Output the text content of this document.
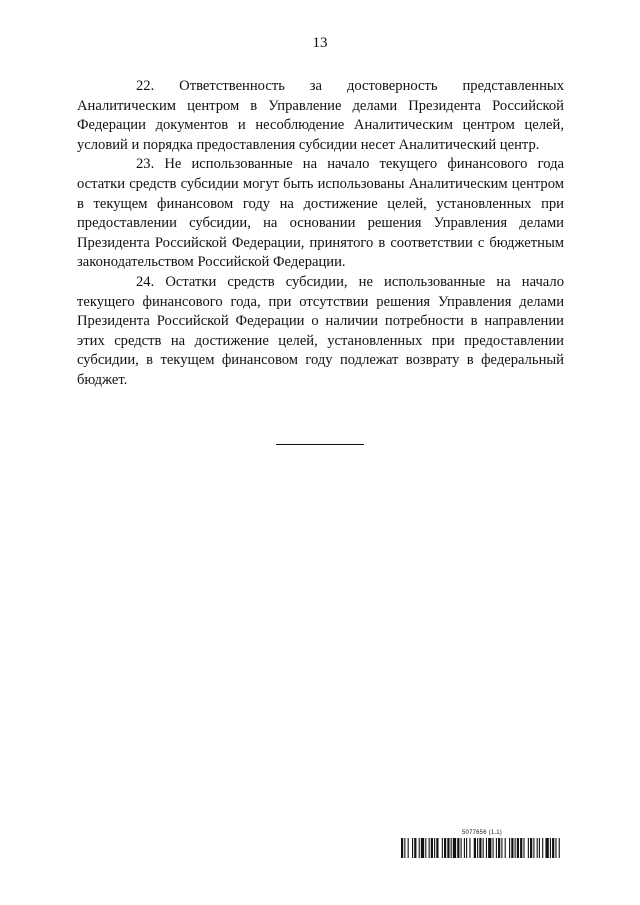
13

22. Ответственность за достоверность представленных Аналитическим центром в Управление делами Президента Российской Федерации документов и несоблюдение Аналитическим центром целей, условий и порядка предоставления субсидии несет Аналитический центр.

23. Не использованные на начало текущего финансового года остатки средств субсидии могут быть использованы Аналитическим центром в текущем финансовом году на достижение целей, установленных при предоставлении субсидии, на основании решения Управления делами Президента Российской Федерации, принятого в соответствии с бюджетным законодательством Российской Федерации.

24. Остатки средств субсидии, не использованные на начало текущего финансового года, при отсутствии решения Управления делами Президента Российской Федерации о наличии потребности в направлении этих средств на достижение целей, установленных при предоставлении субсидии, в текущем финансовом году подлежат возврату в федеральный бюджет.

5077656 (1.1)
